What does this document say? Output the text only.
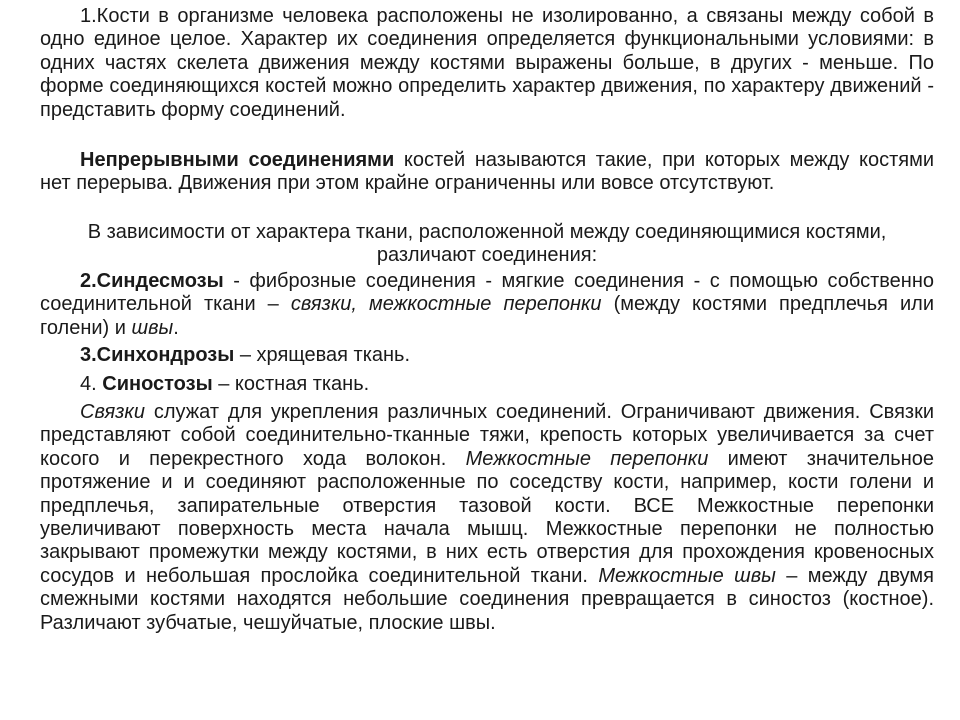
1.Кости в организме человека расположены не изолированно, а связаны между собой в одно единое целое. Характер их соединения определяется функциональными условиями: в одних частях скелета движения между костями выражены больше, в других - меньше. По форме соединяющихся костей можно определить характер движения, по характеру движений - представить форму соединений.

Непрерывными соединениями костей называются такие, при которых между костями нет перерыва. Движения при этом крайне ограниченны или вовсе отсутствуют.

В зависимости от характера ткани, расположенной между соединяющимися костями, различают соединения:

2.Синдесмозы - фиброзные соединения - мягкие соединения - с помощью собственно соединительной ткани – связки, межкостные перепонки (между костями предплечья или голени) и швы.

3.Синхондрозы – хрящевая ткань.

4. Синостозы – костная ткань.

Связки служат для укрепления различных соединений. Ограничивают движения. Связки представляют собой соединительно-тканные тяжи, крепость которых увеличивается за счет косого и перекрестного хода волокон. Межкостные перепонки имеют значительное протяжение и и соединяют расположенные по соседству кости, например, кости голени и предплечья, запирательные отверстия тазовой кости. ВСЕ Межкостные перепонки увеличивают поверхность места начала мышц. Межкостные перепонки не полностью закрывают промежутки между костями, в них есть отверстия для прохождения кровеносных сосудов и небольшая прослойка соединительной ткани. Межкостные швы – между двумя смежными костями находятся небольшие соединения превращается в синостоз (костное). Различают зубчатые, чешуйчатые, плоские швы.
